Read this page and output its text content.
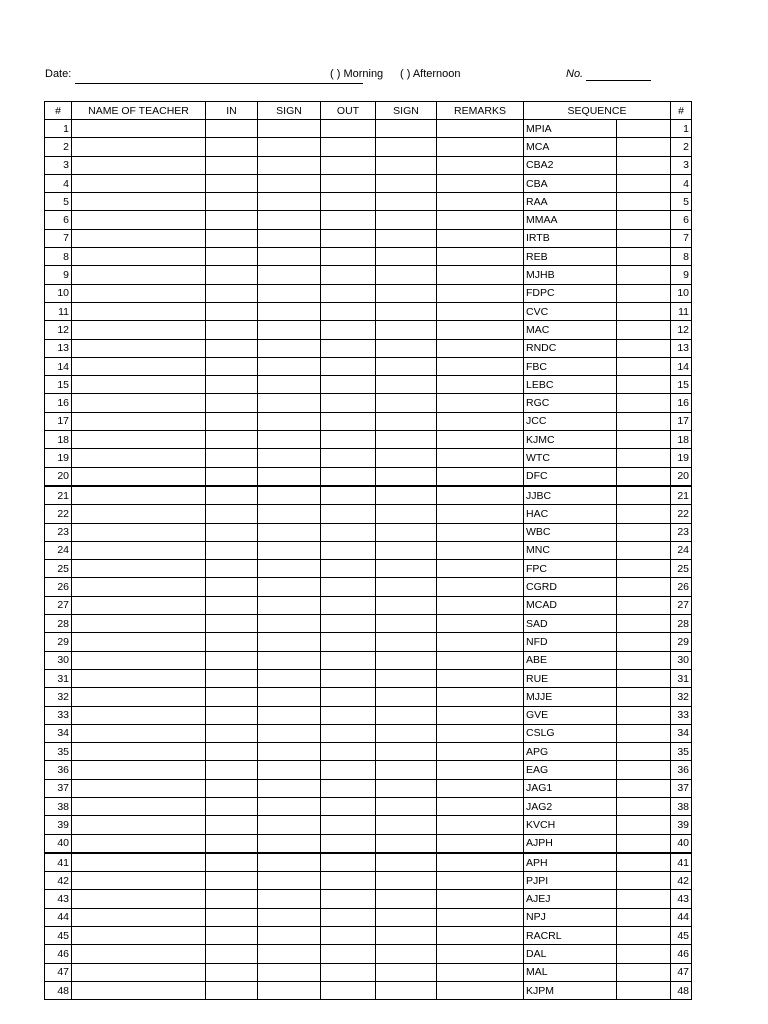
Date:	( ) Morning ( ) Afternoon	No.
#	NAME OF TEACHER	IN	SIGN	OUT	SIGN	REMARKS	SEQUENCE		#
1							MPIA		1
2							MCA		2
3							CBA2		3
4							CBA		4
5							RAA		5
6							MMAA		6
7							IRTB		7
8							REB		8
9							MJHB		9
10							FDPC		10
11							CVC		11
12							MAC		12
13							RNDC		13
14							FBC		14
15							LEBC		15
16							RGC		16
17							JCC		17
18							KJMC		18
19							WTC		19
20							DFC		20
21							JJBC		21
22							HAC		22
23							WBC		23
24							MNC		24
25							FPC		25
26							CGRD		26
27							MCAD		27
28							SAD		28
29							NFD		29
30							ABE		30
31							RUE		31
32							MJJE		32
33							GVE		33
34							CSLG		34
35							APG		35
36							EAG		36
37							JAG1		37
38							JAG2		38
39							KVCH		39
40							AJPH		40
41							APH		41
42							PJPI		42
43							AJEJ		43
44							NPJ		44
45							RACRL		45
46							DAL		46
47							MAL		47
48							KJPM		48
